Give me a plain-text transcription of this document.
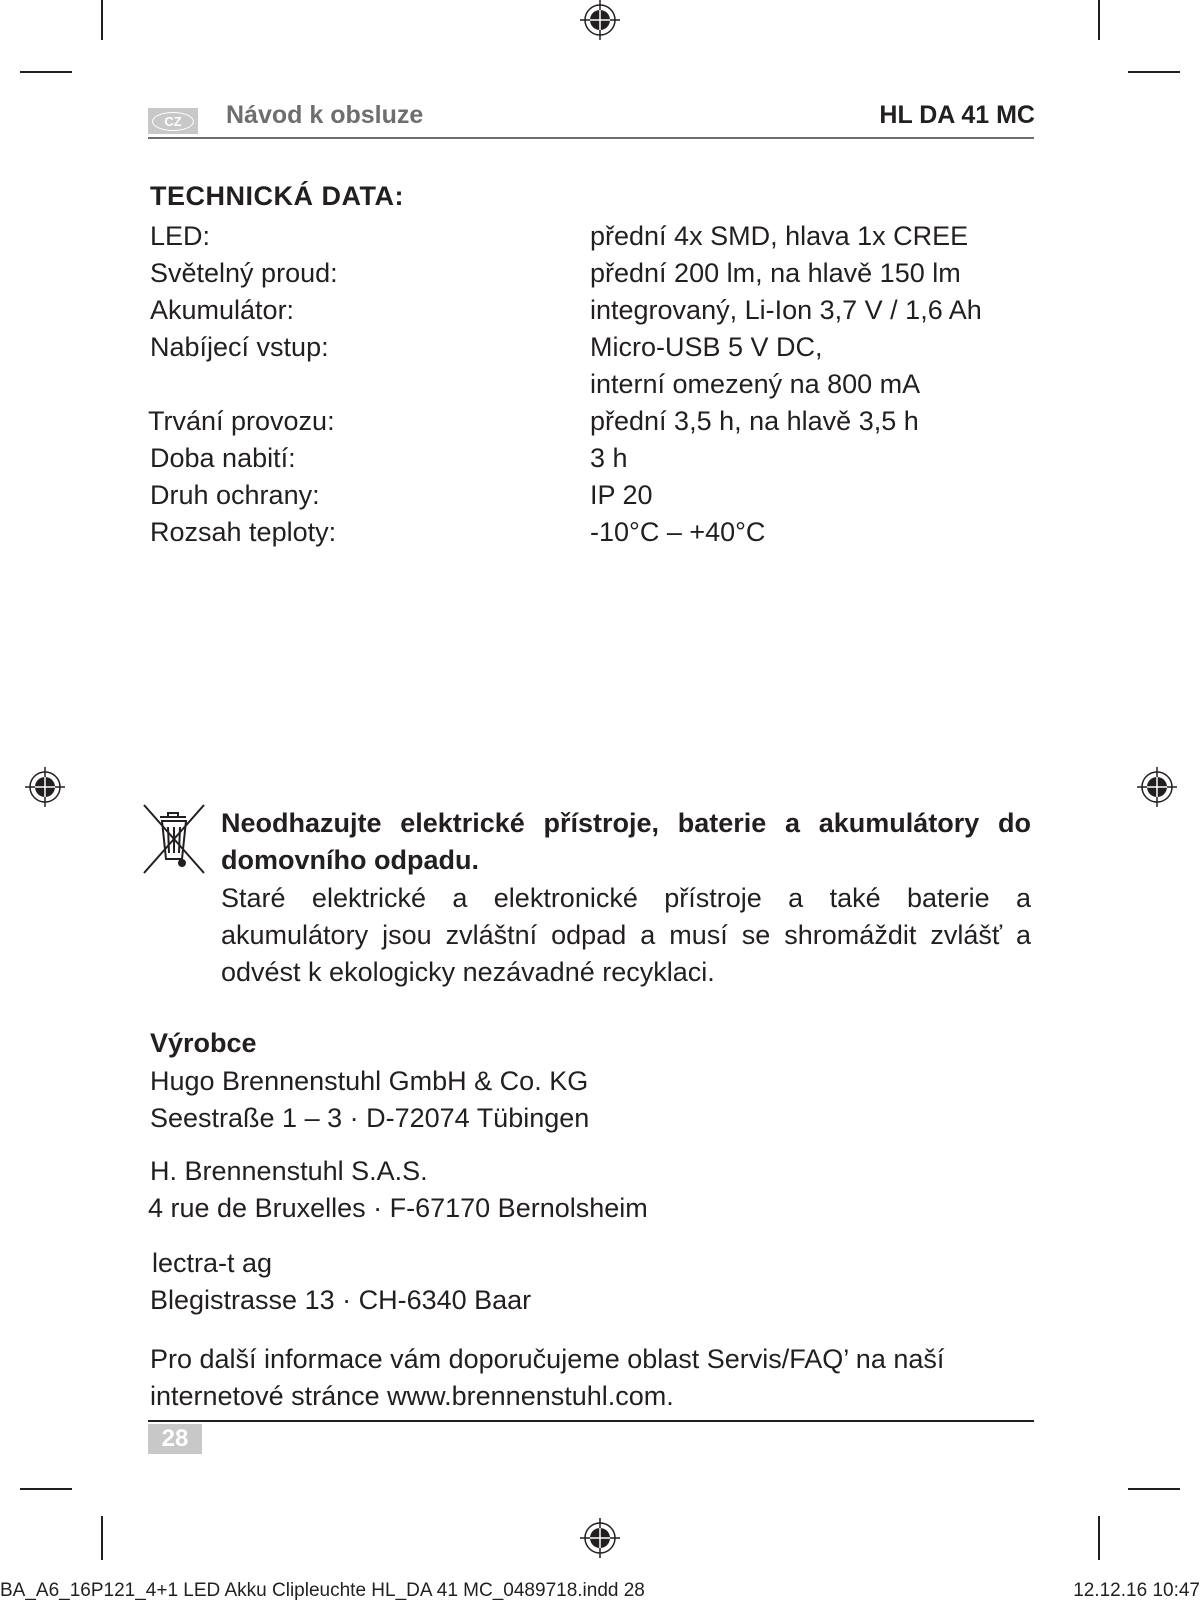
CZ	Návod k obsluze	HL DA 41 MC
TECHNICKÁ DATA:
LED:	přední 4x SMD, hlava 1x CREE
Světelný proud:	přední 200 lm, na hlavě 150 lm
Akumulátor:	integrovaný, Li-Ion 3,7 V / 1,6 Ah
Nabíjecí vstup:	Micro-USB 5 V DC,
interní omezený na 800 mA
Trvání provozu:	přední 3,5 h, na hlavě 3,5 h
Doba nabití:	3 h
Druh ochrany:	IP 20
Rozsah teploty:	-10°C – +40°C
Neodhazujte elektrické přístroje, baterie a akumulátory do domovního odpadu.
Staré elektrické a elektronické přístroje a také baterie a akumulátory jsou zvláštní odpad a musí se shromáždit zvlášť a odvést k ekologicky nezávadné recyklaci.
Výrobce
Hugo Brennenstuhl GmbH & Co. KG
Seestraße 1 – 3 · D-72074 Tübingen
H. Brennenstuhl S.A.S.
4 rue de Bruxelles · F-67170 Bernolsheim
lectra-t ag
Blegistrasse 13 · CH-6340 Baar
Pro další informace vám doporučujeme oblast Servis/FAQ’ na naší internetové stránce www.brennenstuhl.com.
28
BA_A6_16P121_4+1 LED Akku Clipleuchte HL_DA 41 MC_0489718.indd 28	12.12.16 10:47
